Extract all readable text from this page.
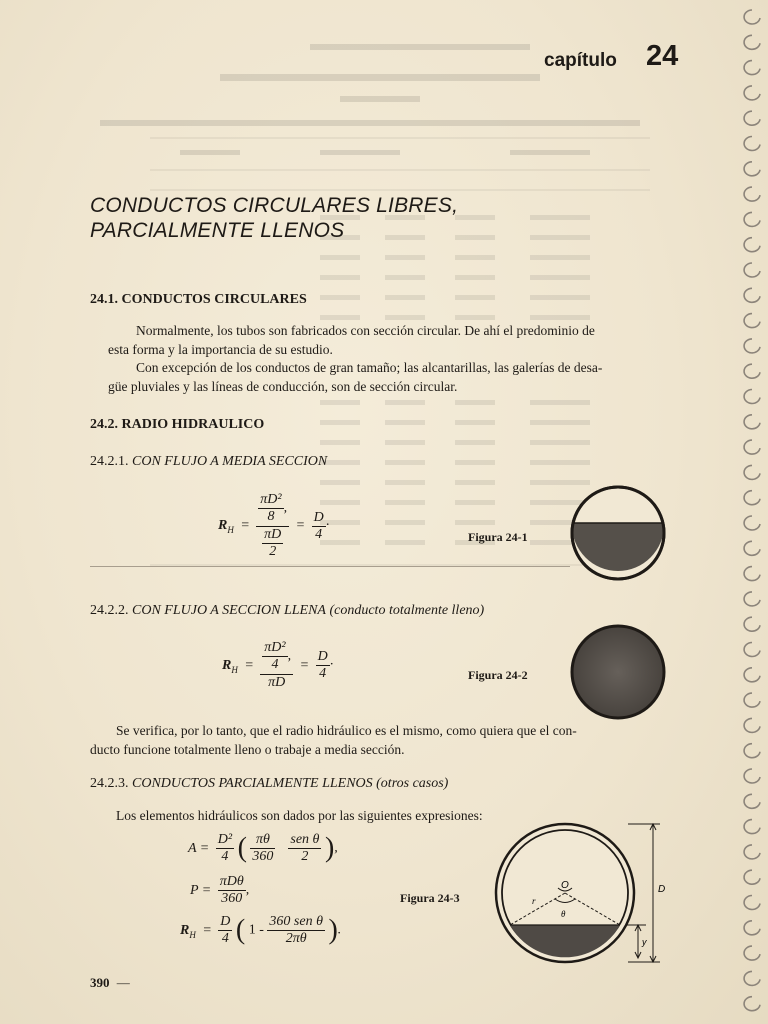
capítulo 24
CONDUCTOS CIRCULARES LIBRES,
PARCIALMENTE LLENOS
24.1. CONDUCTOS CIRCULARES
Normalmente, los tubos son fabricados con sección circular. De ahí el predominio de
esta forma y la importancia de su estudio.
Con excepción de los conductos de gran tamaño; las alcantarillas, las galerías de desa-
güe pluviales y las líneas de conducción, son de sección circular.
24.2. RADIO HIDRAULICO
24.2.1. CON FLUJO A MEDIA SECCION
$R_H = \frac{\frac{\text{πD²}}{8} ,}{\frac{\pi D}{2}} = \frac{D}{4}$ ·
Figura 24-1
24.2.2. CON FLUJO A SECCION LLENA (conducto totalmente lleno)
$R_H = \frac{\frac{\text{πD²}}{4} ,}{\pi D} = \frac{D}{4}$ ·
Figura 24-2
Se verifica, por lo tanto, que el radio hidráulico es el mismo, como quiera que el con-
ducto funcione totalmente lleno o trabaje a media sección.
24.2.3. CONDUCTOS PARCIALMENTE LLENOS (otros casos)
Los elementos hidráulicos son dados por las siguientes expresiones:
$A = \frac{\text{D²}}{4}$ ( $\frac{\pi\theta}{360}$
$\frac{\text{sen θ}}{2}$ ),
$P = \frac{\text{πDθ}}{360}$ ,
$R_H = \frac{D}{4}$ ( $1 - \frac{\text{360 sen θ}}{2\pi\theta}$ ).
Figura 24-3
O
r
θ
D
y
390 —
